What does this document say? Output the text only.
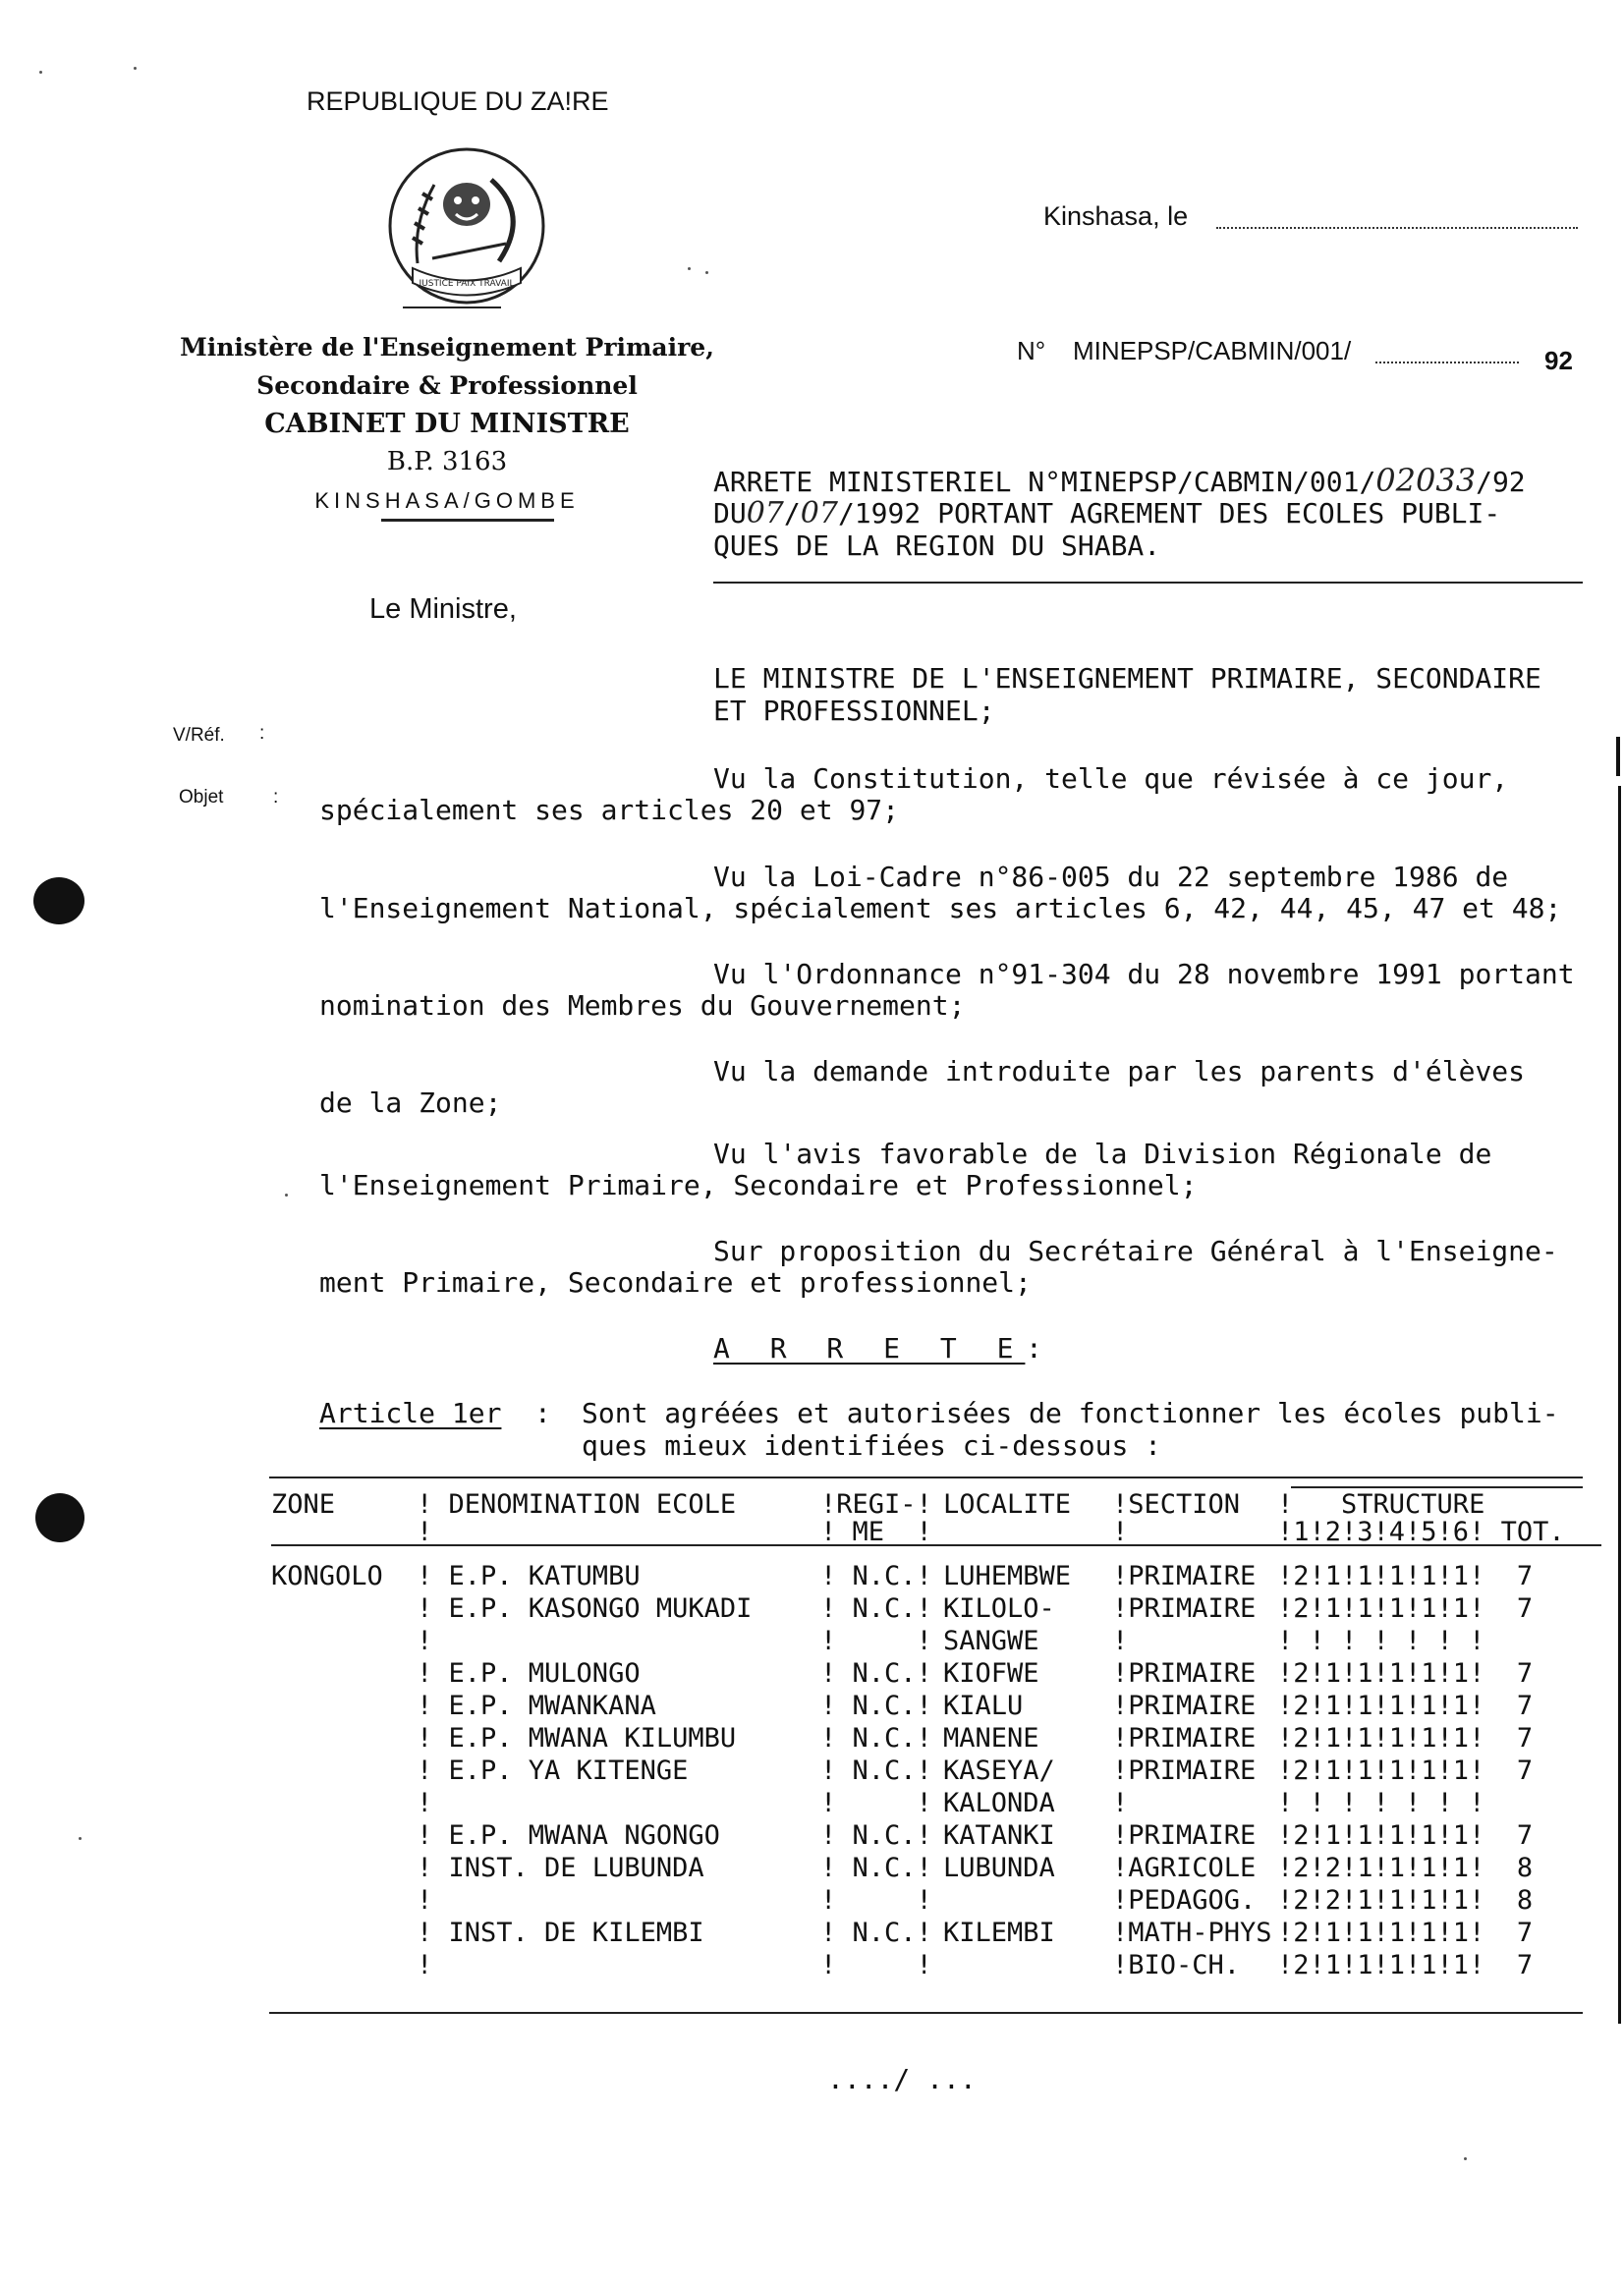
REPUBLIQUE DU ZA!RE
JUSTICE PAIX TRAVAIL
Ministère de l'Enseignement Primaire,
Secondaire & Professionnel
CABINET DU MINISTRE
B.P. 3163
KINSHASA/GOMBE
Kinshasa, le
N° MINEPSP/CABMIN/001/	92
V/Réf. :
Objet	:
ARRETE MINISTERIEL N°MINEPSP/CABMIN/001/02033/92
DU07/07/1992 PORTANT AGREMENT DES ECOLES PUBLI-
QUES DE LA REGION DU SHABA.
Le Ministre,
LE MINISTRE DE L'ENSEIGNEMENT PRIMAIRE, SECONDAIRE
ET PROFESSIONNEL;
Vu la Constitution, telle que révisée à ce jour,
spécialement ses articles 20 et 97;
Vu la Loi-Cadre n°86-005 du 22 septembre 1986 de
l'Enseignement National, spécialement ses articles 6, 42, 44, 45, 47 et 48;
Vu l'Ordonnance n°91-304 du 28 novembre 1991 portant
nomination des Membres du Gouvernement;
Vu la demande introduite par les parents d'élèves
de la Zone;
Vu l'avis favorable de la Division Régionale de
l'Enseignement Primaire, Secondaire et Professionnel;
Sur proposition du Secrétaire Général à l'Enseigne-
ment Primaire, Secondaire et professionnel;
A R R E T E :
Article 1er : Sont agréées et autorisées de fonctionner les écoles publi-
ques mieux identifiées ci-dessous :
ZONE	! DENOMINATION ECOLE	!REGI-!	LOCALITE	!SECTION	!   STRUCTURE
	!	! ME  !		!	!1!2!3!4!5!6! TOT.

KONGOLO	! E.P. KATUMBU	! N.C.!	LUHEMBWE	!PRIMAIRE	!2!1!1!1!1!1!  7
	! E.P. KASONGO MUKADI	! N.C.!	KILOLO-	!PRIMAIRE	!2!1!1!1!1!1!  7
	!	!     !	SANGWE	!	! ! ! ! ! ! !
	! E.P. MULONGO	! N.C.!	KIOFWE	!PRIMAIRE	!2!1!1!1!1!1!  7
	! E.P. MWANKANA	! N.C.!	KIALU	!PRIMAIRE	!2!1!1!1!1!1!  7
	! E.P. MWANA KILUMBU	! N.C.!	MANENE	!PRIMAIRE	!2!1!1!1!1!1!  7
	! E.P. YA KITENGE	! N.C.!	KASEYA/	!PRIMAIRE	!2!1!1!1!1!1!  7
	!	!     !	KALONDA	!	! ! ! ! ! ! !
	! E.P. MWANA NGONGO	! N.C.!	KATANKI	!PRIMAIRE	!2!1!1!1!1!1!  7
	! INST. DE LUBUNDA	! N.C.!	LUBUNDA	!AGRICOLE	!2!2!1!1!1!1!  8
	!	!     !		!PEDAGOG.	!2!2!1!1!1!1!  8
	! INST. DE KILEMBI	! N.C.!	KILEMBI	!MATH-PHYS	!2!1!1!1!1!1!  7
	!	!     !		!BIO-CH.	!2!1!1!1!1!1!  7
..../ ...
